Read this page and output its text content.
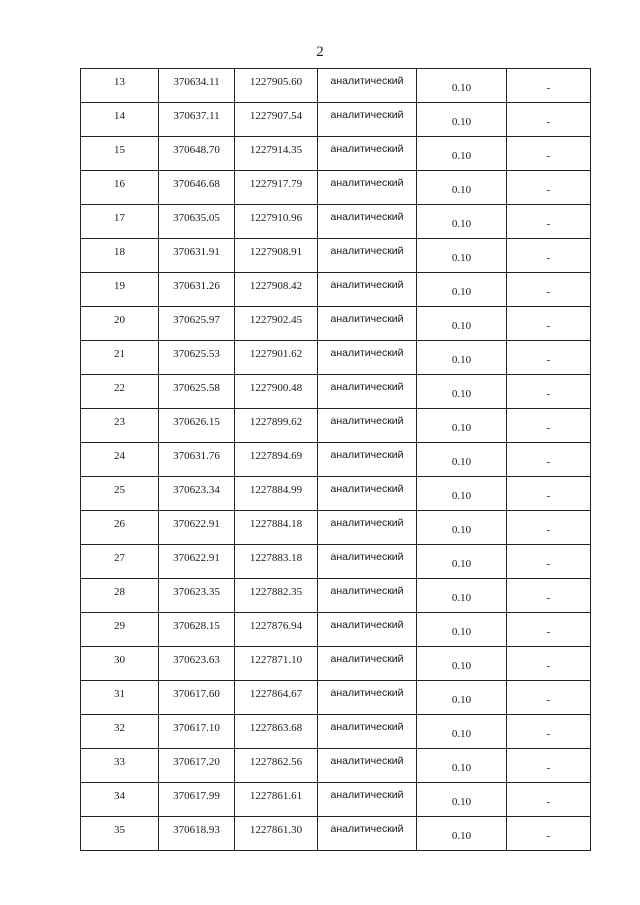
2
13	370634.11	1227905.60	аналитический	0.10	-

14	370637.11	1227907.54	аналитический	0.10	-

15	370648.70	1227914.35	аналитический	0.10	-

16	370646.68	1227917.79	аналитический	0.10	-

17	370635.05	1227910.96	аналитический	0.10	-

18	370631.91	1227908.91	аналитический	0.10	-

19	370631.26	1227908.42	аналитический	0.10	-

20	370625.97	1227902.45	аналитический	0.10	-

21	370625.53	1227901.62	аналитический	0.10	-

22	370625.58	1227900.48	аналитический	0.10	-

23	370626.15	1227899.62	аналитический	0.10	-

24	370631.76	1227894.69	аналитический	0.10	-

25	370623.34	1227884.99	аналитический	0.10	-

26	370622.91	1227884.18	аналитический	0.10	-

27	370622.91	1227883.18	аналитический	0.10	-

28	370623.35	1227882.35	аналитический	0.10	-

29	370628.15	1227876.94	аналитический	0.10	-

30	370623.63	1227871.10	аналитический	0.10	-

31	370617.60	1227864.67	аналитический	0.10	-

32	370617.10	1227863.68	аналитический	0.10	-

33	370617.20	1227862.56	аналитический	0.10	-

34	370617.99	1227861.61	аналитический	0.10	-

35	370618.93	1227861.30	аналитический	0.10	-
